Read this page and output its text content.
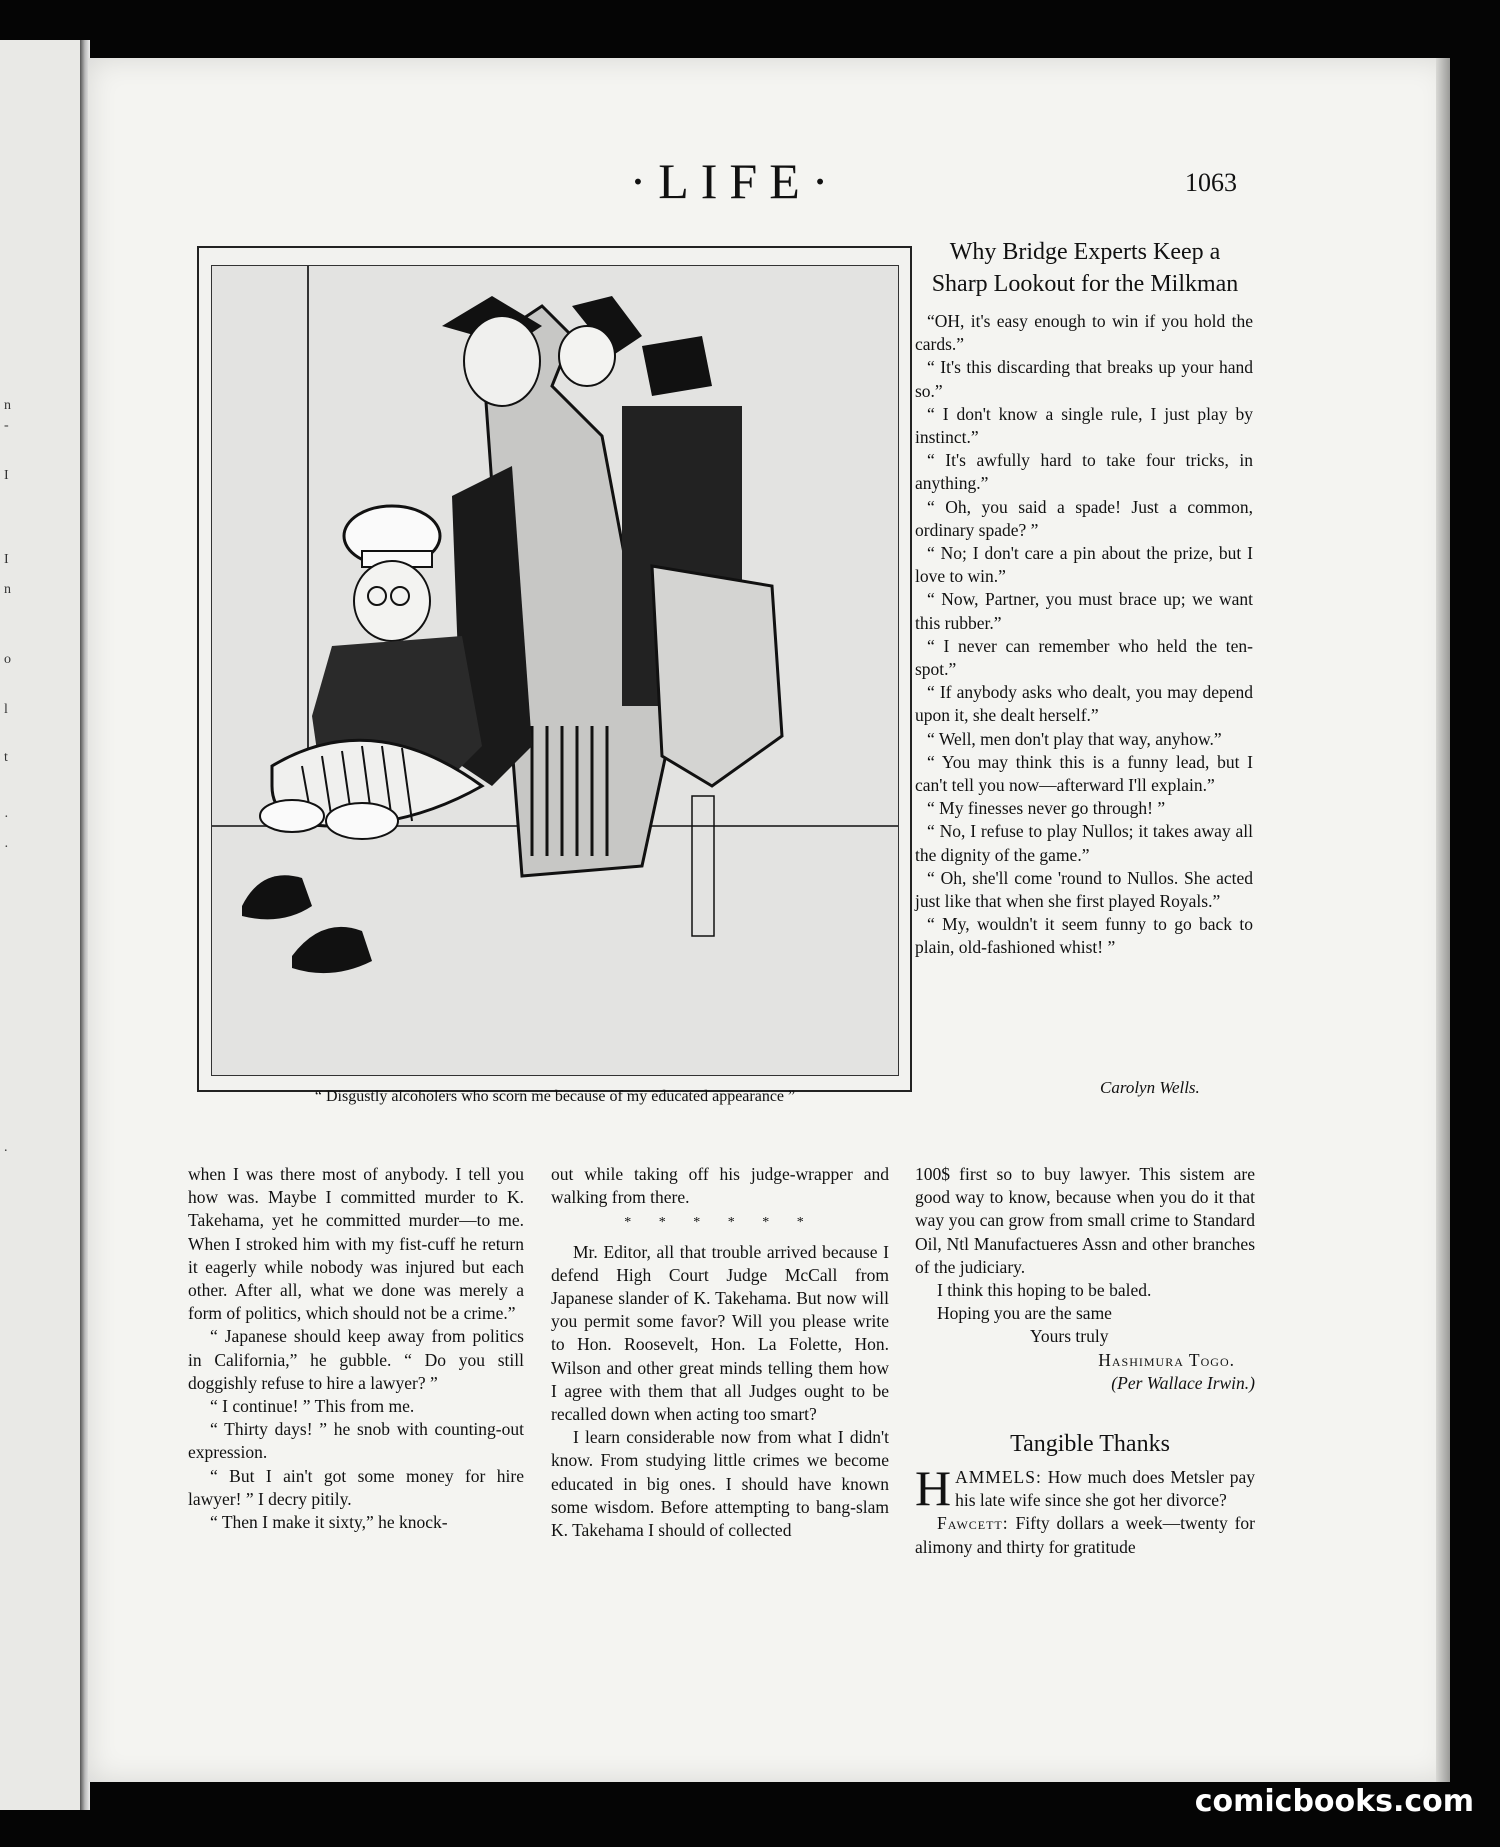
n
-
I
I
n
o
l
t
·
·
.
·LIFE·	1063
“ Disgustly alcoholers who scorn me because of my educated appearance ”
Why Bridge Experts Keep a
Sharp Lookout for the Milkman

“OH, it's easy enough to win if you hold the cards.”

“ It's this discarding that breaks up your hand so.”

“ I don't know a single rule, I just play by instinct.”

“ It's awfully hard to take four tricks, in anything.”

“ Oh, you said a spade! Just a common, ordinary spade? ”

“ No; I don't care a pin about the prize, but I love to win.”

“ Now, Partner, you must brace up; we want this rubber.”

“ I never can remember who held the ten-spot.”

“ If anybody asks who dealt, you may depend upon it, she dealt herself.”

“ Well, men don't play that way, anyhow.”

“ You may think this is a funny lead, but I can't tell you now—afterward I'll explain.”

“ My finesses never go through! ”

“ No, I refuse to play Nullos; it takes away all the dignity of the game.”

“ Oh, she'll come 'round to Nullos. She acted just like that when she first played Royals.”

“ My, wouldn't it seem funny to go back to plain, old-fashioned whist! ”

Carolyn Wells.

when I was there most of anybody. I tell you how was. Maybe I committed murder to K. Takehama, yet he committed murder—to me. When I stroked him with my fist-cuff he return it eagerly while nobody was injured but each other. After all, what we done was merely a form of politics, which should not be a crime.”

“ Japanese should keep away from politics in California,” he gubble. “ Do you still doggishly refuse to hire a lawyer? ”

“ I continue! ” This from me.

“ Thirty days! ” he snob with counting-out expression.

“ But I ain't got some money for hire lawyer! ” I decry pitily.

“ Then I make it sixty,” he knock-

out while taking off his judge-wrapper and walking from there.

* * * * * *

Mr. Editor, all that trouble arrived because I defend High Court Judge McCall from Japanese slander of K. Takehama. But now will you permit some favor? Will you please write to Hon. Roosevelt, Hon. La Folette, Hon. Wilson and other great minds telling them how I agree with them that all Judges ought to be recalled down when acting too smart?

I learn considerable now from what I didn't know. From studying little crimes we become educated in big ones. I should have known some wisdom. Before attempting to bang-slam K. Takehama I should of collected

100$ first so to buy lawyer. This sistem are good way to know, because when you do it that way you can grow from small crime to Standard Oil, Ntl Manufactueres Assn and other branches of the judiciary.

I think this hoping to be baled.

Hoping you are the same

Yours truly

Hashimura Togo.

(Per Wallace Irwin.)

Tangible Thanks

HAMMELS: How much does Metsler pay his late wife since she got her divorce?

Fawcett: Fifty dollars a week—twenty for alimony and thirty for gratitude

comicbooks.com
